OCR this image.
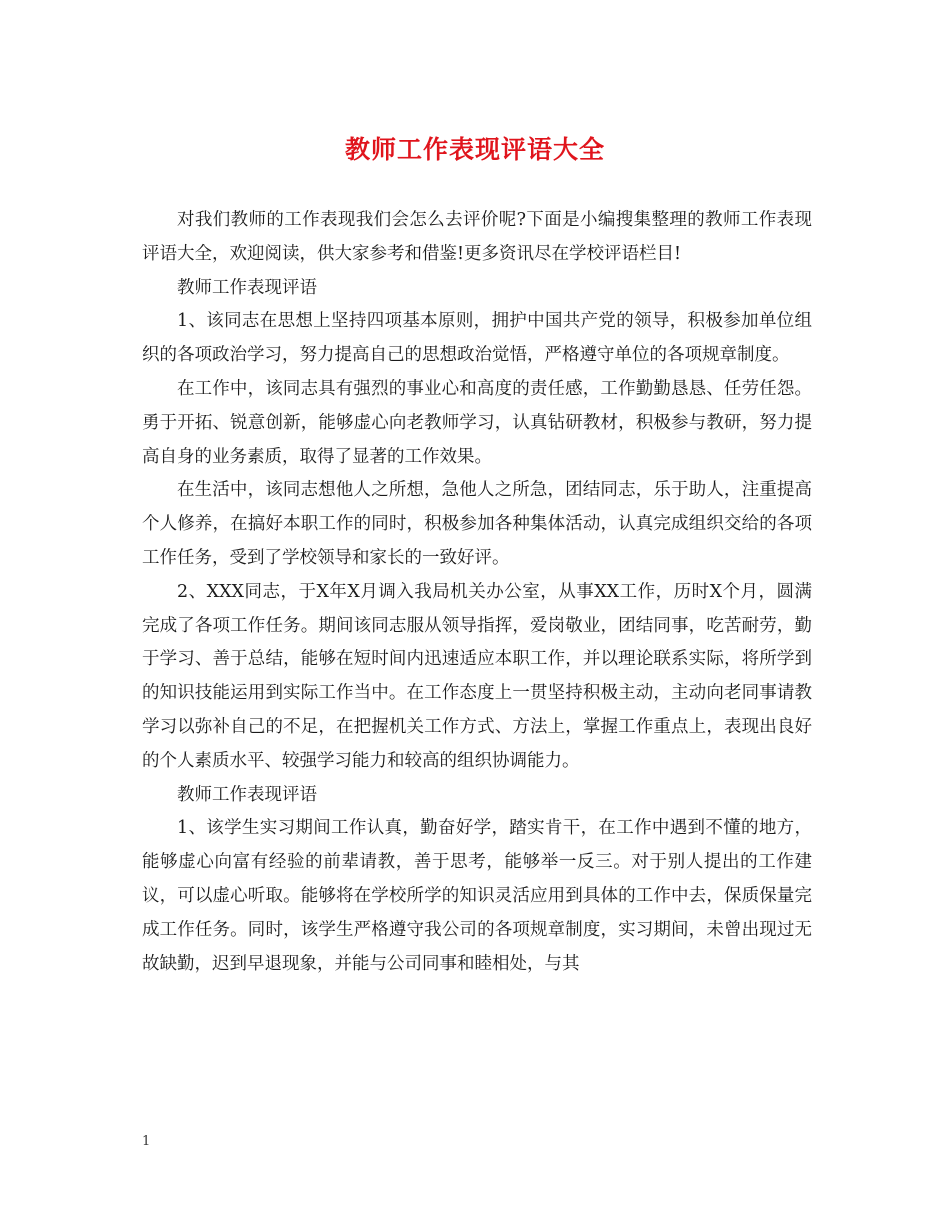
教师工作表现评语大全

对我们教师的工作表现我们会怎么去评价呢?下面是小编搜集整理的教师工作表现评语大全，欢迎阅读，供大家参考和借鉴!更多资讯尽在学校评语栏目!

教师工作表现评语

1、该同志在思想上坚持四项基本原则，拥护中国共产党的领导，积极参加单位组织的各项政治学习，努力提高自己的思想政治觉悟，严格遵守单位的各项规章制度。

在工作中，该同志具有强烈的事业心和高度的责任感，工作勤勤恳恳、任劳任怨。勇于开拓、锐意创新，能够虚心向老教师学习，认真钻研教材，积极参与教研，努力提高自身的业务素质，取得了显著的工作效果。

在生活中，该同志想他人之所想，急他人之所急，团结同志，乐于助人，注重提高个人修养，在搞好本职工作的同时，积极参加各种集体活动，认真完成组织交给的各项工作任务，受到了学校领导和家长的一致好评。

2、XXX同志，于X年X月调入我局机关办公室，从事XX工作，历时X个月，圆满完成了各项工作任务。期间该同志服从领导指挥，爱岗敬业，团结同事，吃苦耐劳，勤于学习、善于总结，能够在短时间内迅速适应本职工作，并以理论联系实际，将所学到的知识技能运用到实际工作当中。在工作态度上一贯坚持积极主动，主动向老同事请教学习以弥补自己的不足，在把握机关工作方式、方法上，掌握工作重点上，表现出良好的个人素质水平、较强学习能力和较高的组织协调能力。

教师工作表现评语

1、该学生实习期间工作认真，勤奋好学，踏实肯干，在工作中遇到不懂的地方，能够虚心向富有经验的前辈请教，善于思考，能够举一反三。对于别人提出的工作建议，可以虚心听取。能够将在学校所学的知识灵活应用到具体的工作中去，保质保量完成工作任务。同时，该学生严格遵守我公司的各项规章制度，实习期间，未曾出现过无故缺勤，迟到早退现象，并能与公司同事和睦相处，与其

1
